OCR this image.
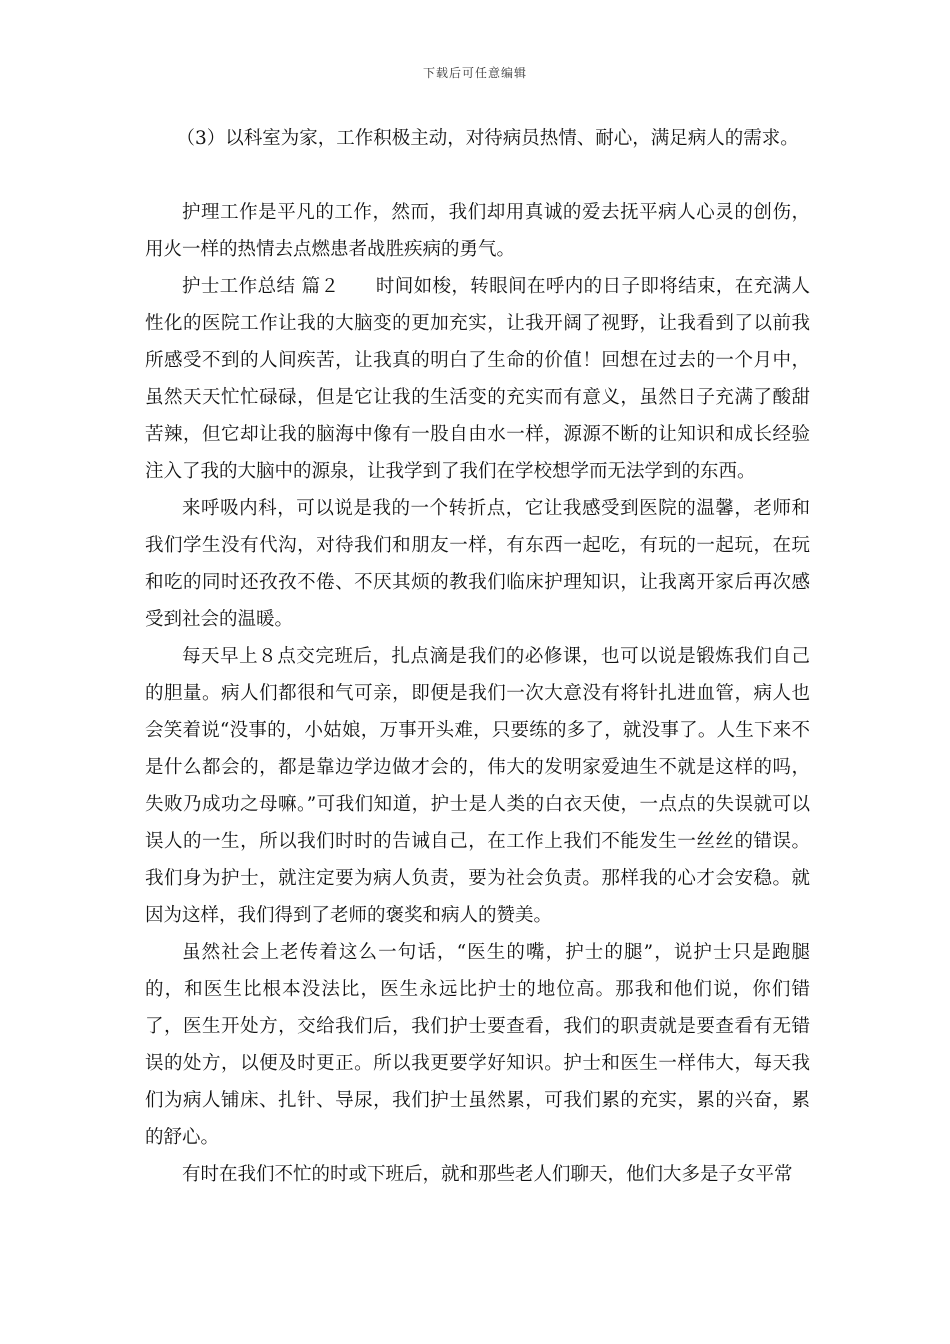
下载后可任意编辑

（3）以科室为家，工作积极主动，对待病员热情、耐心，满足病人的需求。

护理工作是平凡的工作，然而，我们却用真诚的爱去抚平病人心灵的创伤，用火一样的热情去点燃患者战胜疾病的勇气。

护士工作总结 篇２ 时间如梭，转眼间在呼内的日子即将结束，在充满人性化的医院工作让我的大脑变的更加充实，让我开阔了视野，让我看到了以前我所感受不到的人间疾苦，让我真的明白了生命的价值！回想在过去的一个月中，虽然天天忙忙碌碌，但是它让我的生活变的充实而有意义，虽然日子充满了酸甜苦辣，但它却让我的脑海中像有一股自由水一样，源源不断的让知识和成长经验注入了我的大脑中的源泉，让我学到了我们在学校想学而无法学到的东西。

来呼吸内科，可以说是我的一个转折点，它让我感受到医院的温馨，老师和我们学生没有代沟，对待我们和朋友一样，有东西一起吃，有玩的一起玩，在玩和吃的同时还孜孜不倦、不厌其烦的教我们临床护理知识，让我离开家后再次感受到社会的温暖。

每天早上８点交完班后，扎点滴是我们的必修课，也可以说是锻炼我们自己的胆量。病人们都很和气可亲，即便是我们一次大意没有将针扎进血管，病人也会笑着说“没事的，小姑娘，万事开头难，只要练的多了，就没事了。人生下来不是什么都会的，都是靠边学边做才会的，伟大的发明家爱迪生不就是这样的吗，失败乃成功之母嘛。”可我们知道，护士是人类的白衣天使，一点点的失误就可以误人的一生，所以我们时时的告诫自己，在工作上我们不能发生一丝丝的错误。我们身为护士，就注定要为病人负责，要为社会负责。那样我的心才会安稳。就因为这样，我们得到了老师的褒奖和病人的赞美。

虽然社会上老传着这么一句话，“医生的嘴，护士的腿”，说护士只是跑腿的，和医生比根本没法比，医生永远比护士的地位高。那我和他们说，你们错了，医生开处方，交给我们后，我们护士要查看，我们的职责就是要查看有无错误的处方，以便及时更正。所以我更要学好知识。护士和医生一样伟大，每天我们为病人铺床、扎针、导尿，我们护士虽然累，可我们累的充实，累的兴奋，累的舒心。

有时在我们不忙的时或下班后，就和那些老人们聊天，他们大多是子女平常
